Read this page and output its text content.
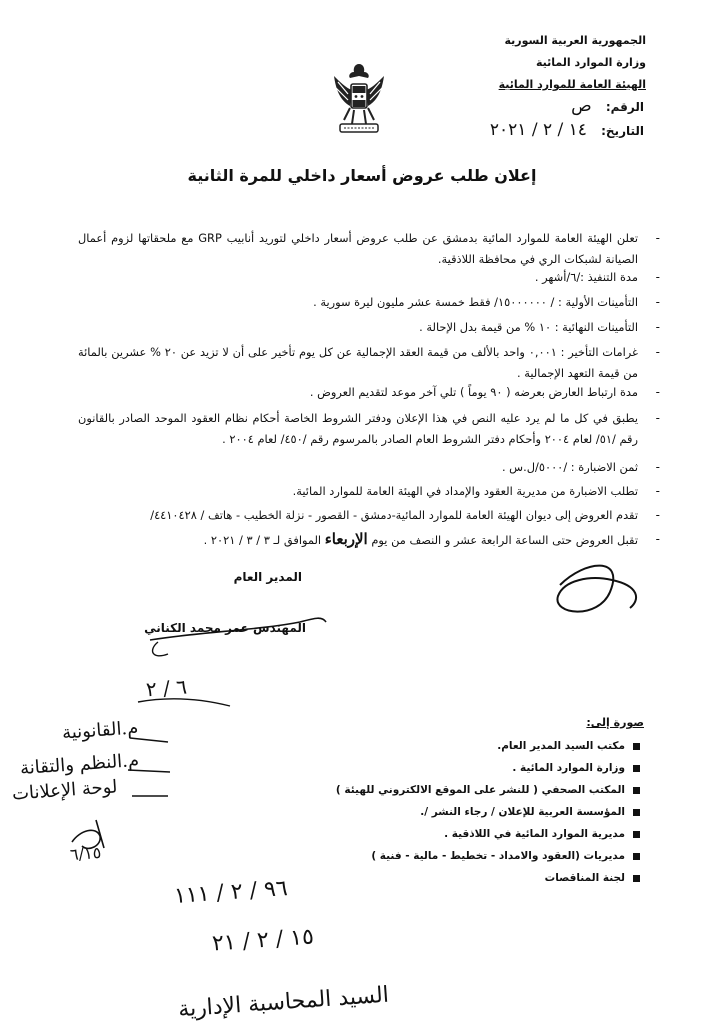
الجمهورية العربية السورية
وزارة الموارد المائية
الهيئة العامة للموارد المائية
الرقم: ص
التاريخ: ١٤ / ٢ / ٢٠٢١
إعلان طلب عروض أسعار داخلي للمرة الثانية
-
تعلن الهيئة العامة للموارد المائية بدمشق عن طلب عروض أسعار داخلي لتوريد أنابيب GRP مع ملحقاتها لزوم أعمال الصيانة لشبكات الري في محافظة اللاذقية.
-
مدة التنفيذ :/٦/أشهر .
-
التأمينات الأولية : / ١٥٠٠٠٠٠٠/ فقط خمسة عشر مليون ليرة سورية .
-
التأمينات النهائية : ١٠ % من قيمة بدل الإحالة .
-
غرامات التأخير : ٠,٠٠١ واحد بالألف من قيمة العقد الإجمالية عن كل يوم تأخير على أن لا تزيد عن ٢٠ % عشرين بالمائة من قيمة التعهد الإجمالية .
-
مدة ارتباط العارض بعرضه ( ٩٠ يوماً ) تلي آخر موعد لتقديم العروض .
-
يطبق في كل ما لم يرد عليه النص في هذا الإعلان ودفتر الشروط الخاصة أحكام نظام العقود الموحد الصادر بالقانون رقم /٥١/ لعام ٢٠٠٤ وأحكام دفتر الشروط العام الصادر بالمرسوم رقم /٤٥٠/ لعام ٢٠٠٤ .
-
ثمن الاضبارة : /٥٠٠٠/ل.س .
-
تطلب الاضبارة من مديرية العقود والإمداد في الهيئة العامة للموارد المائية.
-
تقدم العروض إلى ديوان الهيئة العامة للموارد المائية-دمشق - القصور - نزلة الخطيب - هاتف / ٤٤١٠٤٢٨/
-
تقبل العروض حتى الساعة الرابعة عشر و النصف من يوم الإربعاء الموافق لـ ٣ / ٣ / ٢٠٢١ .
المدير العام
المهندس عمر محمد الكناني
صورة إلى:
مكتب السيد المدير العام.
وزارة الموارد المائية .
المكتب الصحفي ( للنشر على الموقع الالكتروني للهيئة )
المؤسسة العربية للإعلان / رجاء النشر /.
مديرية الموارد المائية في اللاذقية .
مديريات (العقود والامداد - تخطيط - مالية - فنية )
لجنة المناقصات
٦ / ٢
م.القانونية
م.النظم والتقانة
لوحة الإعلانات
٦/١٥
٩٦ / ٢ / ١١١
١٥ / ٢ / ٢١
السيد المحاسبة الإدارية
